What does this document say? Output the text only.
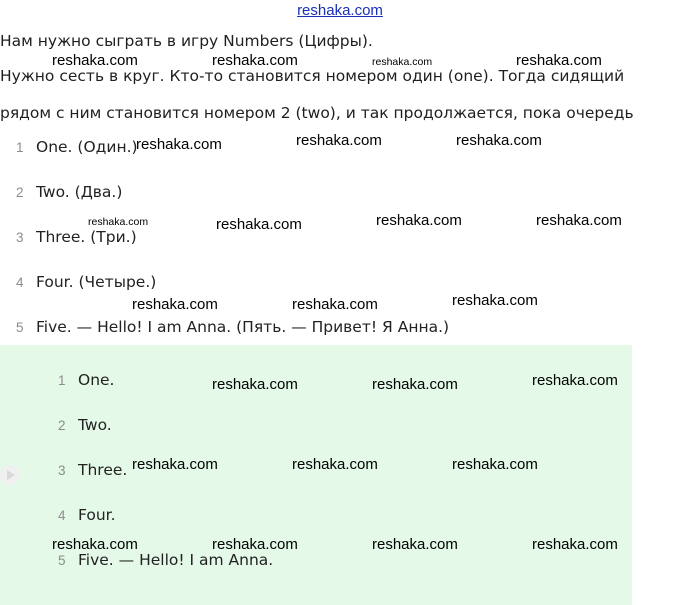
reshaka.com
Нам нужно сыграть в игру Numbers (Цифры).
Нужно сесть в круг. Кто-то становится номером один (one). Тогда сидящий
рядом с ним становится номером 2 (two), и так продолжается, пока очередь
1 One. (Один.)
2 Two. (Два.)
3 Three. (Три.)
4 Four. (Четыре.)
5 Five. — Hello! I am Anna. (Пять. — Привет! Я Анна.)
1 One.
2 Two.
3 Three.
4 Four.
5 Five. — Hello! I am Anna.
reshaka.com	reshaka.com	reshaka.com	reshaka.com
reshaka.com	reshaka.com	reshaka.com
reshaka.com	reshaka.com	reshaka.com	reshaka.com
reshaka.com	reshaka.com	reshaka.com
reshaka.com	reshaka.com	reshaka.com
reshaka.com	reshaka.com	reshaka.com
reshaka.com	reshaka.com	reshaka.com	reshaka.com
